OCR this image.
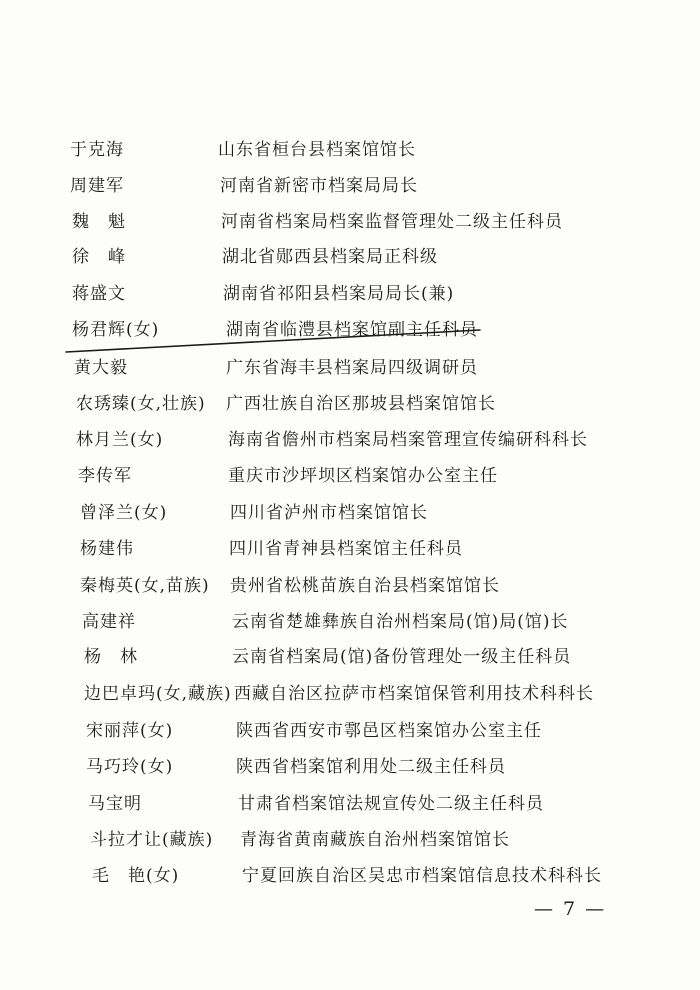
于克海	山东省桓台县档案馆馆长
周建军	河南省新密市档案局局长
魏　魁	河南省档案局档案监督管理处二级主任科员
徐　峰	湖北省郧西县档案局正科级
蒋盛文	湖南省祁阳县档案局局长(兼)
杨君辉(女)	湖南省临澧县档案馆副主任科员
黄大毅	广东省海丰县档案局四级调研员
农琇臻(女,壮族) 广西壮族自治区那坡县档案馆馆长
林月兰(女)	海南省儋州市档案局档案管理宣传编研科科长
李传军	重庆市沙坪坝区档案馆办公室主任
曾泽兰(女)	四川省泸州市档案馆馆长
杨建伟	四川省青神县档案馆主任科员
秦梅英(女,苗族) 贵州省松桃苗族自治县档案馆馆长
高建祥	云南省楚雄彝族自治州档案局(馆)局(馆)长
杨　林	云南省档案局(馆)备份管理处一级主任科员
边巴卓玛(女,藏族) 西藏自治区拉萨市档案馆保管利用技术科科长
宋丽萍(女)	陕西省西安市鄠邑区档案馆办公室主任
马巧玲(女)	陕西省档案馆利用处二级主任科员
马宝明	甘肃省档案馆法规宣传处二级主任科员
斗拉才让(藏族) 青海省黄南藏族自治州档案馆馆长
毛　艳(女)	宁夏回族自治区吴忠市档案馆信息技术科科长
— 7 —
